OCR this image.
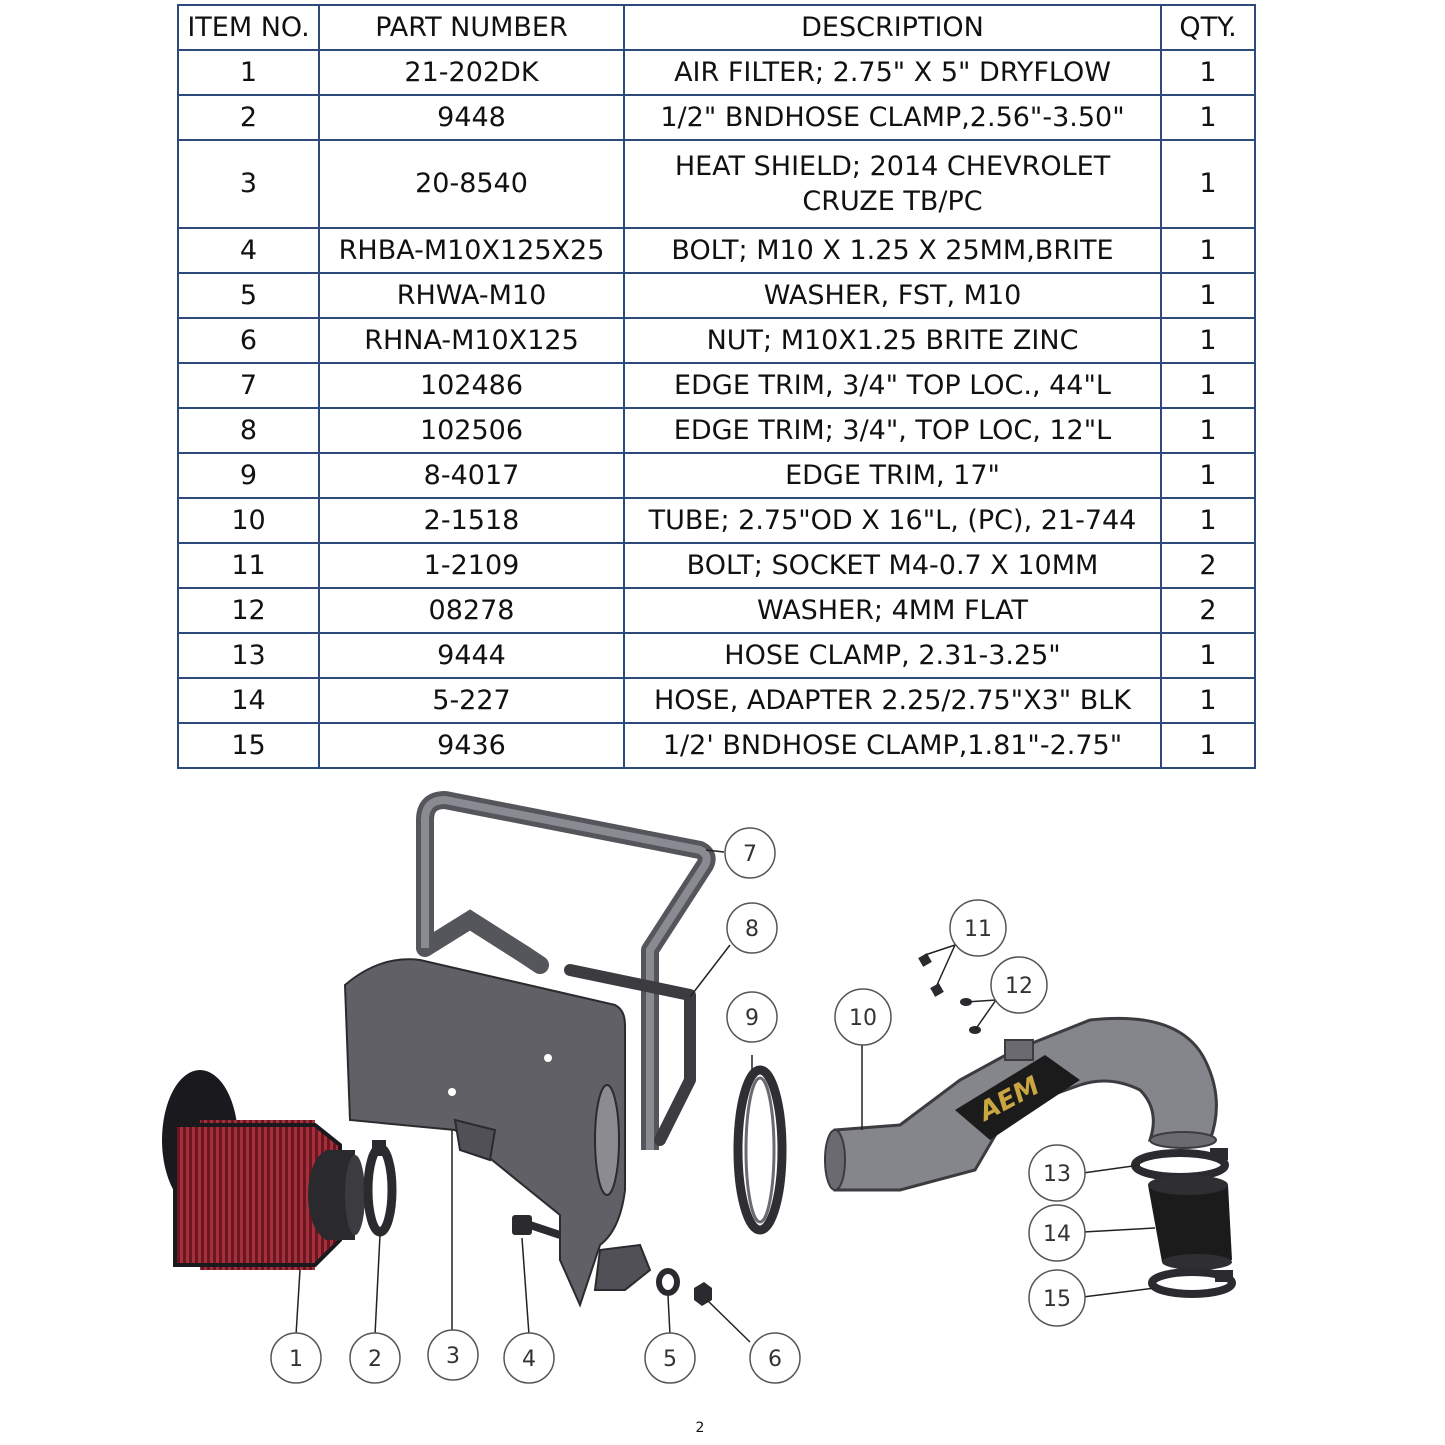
ITEM NO.	PART NUMBER	DESCRIPTION	QTY.
1	21-202DK	AIR FILTER; 2.75" X 5" DRYFLOW	1
2	9448	1/2" BNDHOSE CLAMP,2.56"-3.50"	1
3	20-8540	HEAT SHIELD; 2014 CHEVROLET CRUZE TB/PC	1
4	RHBA-M10X125X25	BOLT; M10 X 1.25 X 25MM,BRITE	1
5	RHWA-M10	WASHER, FST, M10	1
6	RHNA-M10X125	NUT; M10X1.25 BRITE ZINC	1
7	102486	EDGE TRIM, 3/4" TOP LOC., 44"L	1
8	102506	EDGE TRIM; 3/4", TOP LOC, 12"L	1
9	8-4017	EDGE TRIM, 17"	1
10	2-1518	TUBE; 2.75"OD X 16"L, (PC), 21-744	1
11	1-2109	BOLT; SOCKET M4-0.7 X 10MM	2
12	08278	WASHER; 4MM FLAT	2
13	9444	HOSE CLAMP, 2.31-3.25"	1
14	5-227	HOSE, ADAPTER 2.25/2.75"X3" BLK	1
15	9436	1/2' BNDHOSE CLAMP,1.81"-2.75"	1
AEM
1	2	3	4	5	6
7
8
9	10
11
12
13
14
15
2
